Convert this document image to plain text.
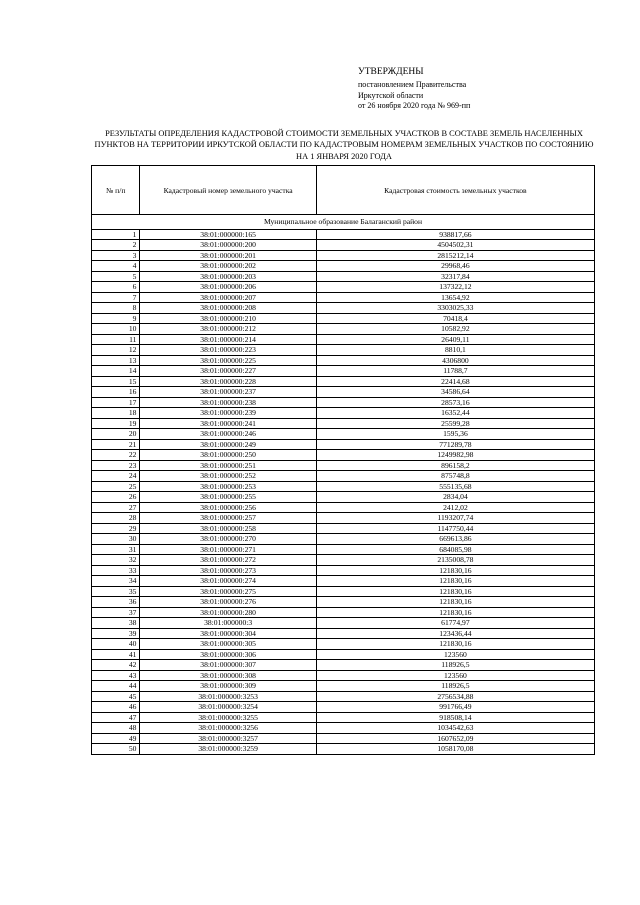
УТВЕРЖДЕНЫ
постановлением Правительства
Иркутской области
от 26 ноября 2020 года № 969-пп
РЕЗУЛЬТАТЫ ОПРЕДЕЛЕНИЯ КАДАСТРОВОЙ СТОИМОСТИ ЗЕМЕЛЬНЫХ УЧАСТКОВ В СОСТАВЕ ЗЕМЕЛЬ НАСЕЛЕННЫХ ПУНКТОВ НА ТЕРРИТОРИИ ИРКУТСКОЙ ОБЛАСТИ ПО КАДАСТРОВЫМ НОМЕРАМ ЗЕМЕЛЬНЫХ УЧАСТКОВ ПО СОСТОЯНИЮ НА 1 ЯНВАРЯ 2020 ГОДА
№ п/п	Кадастровый номер земельного участка	Кадастровая стоимость земельных участков
Муниципальное образование Балаганский район		
1	38:01:000000:165	938817,66
2	38:01:000000:200	4504502,31
3	38:01:000000:201	2815212,14
4	38:01:000000:202	29968,46
5	38:01:000000:203	32317,84
6	38:01:000000:206	137322,12
7	38:01:000000:207	13654,92
8	38:01:000000:208	3303025,33
9	38:01:000000:210	70418,4
10	38:01:000000:212	10582,92
11	38:01:000000:214	26409,11
12	38:01:000000:223	8810,1
13	38:01:000000:225	4306800
14	38:01:000000:227	11788,7
15	38:01:000000:228	22414,68
16	38:01:000000:237	34586,64
17	38:01:000000:238	28573,16
18	38:01:000000:239	16352,44
19	38:01:000000:241	25599,28
20	38:01:000000:246	1595,36
21	38:01:000000:249	771289,78
22	38:01:000000:250	1249982,98
23	38:01:000000:251	896158,2
24	38:01:000000:252	875748,8
25	38:01:000000:253	555135,68
26	38:01:000000:255	2834,04
27	38:01:000000:256	2412,02
28	38:01:000000:257	1193207,74
29	38:01:000000:258	1147750,44
30	38:01:000000:270	669613,86
31	38:01:000000:271	684085,98
32	38:01:000000:272	2135008,78
33	38:01:000000:273	121830,16
34	38:01:000000:274	121830,16
35	38:01:000000:275	121830,16
36	38:01:000000:276	121830,16
37	38:01:000000:280	121830,16
38	38:01:000000:3	61774,97
39	38:01:000000:304	123436,44
40	38:01:000000:305	121830,16
41	38:01:000000:306	123560
42	38:01:000000:307	118926,5
43	38:01:000000:308	123560
44	38:01:000000:309	118926,5
45	38:01:000000:3253	2756534,88
46	38:01:000000:3254	991766,49
47	38:01:000000:3255	918508,14
48	38:01:000000:3256	1034542,63
49	38:01:000000:3257	1607652,09
50	38:01:000000:3259	1058170,08
